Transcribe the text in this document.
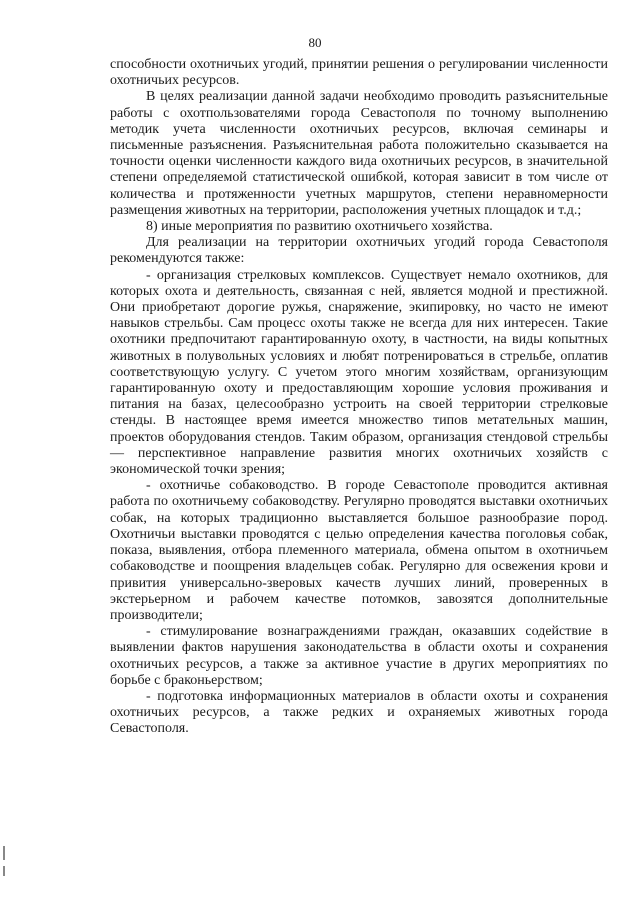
80

способности охотничьих угодий, принятии решения о регулировании численности охотничьих ресурсов.

В целях реализации данной задачи необходимо проводить разъяснительные работы с охотпользователями города Севастополя по точному выполнению методик учета численности охотничьих ресурсов, включая семинары и письменные разъяснения. Разъяснительная работа положительно сказывается на точности оценки численности каждого вида охотничьих ресурсов, в значительной степени определяемой статистической ошибкой, которая зависит в том числе от количества и протяженности учетных маршрутов, степени неравномерности размещения животных на территории, расположения учетных площадок и т.д.;

8) иные мероприятия по развитию охотничьего хозяйства.

Для реализации на территории охотничьих угодий города Севастополя рекомендуются также:

- организация стрелковых комплексов. Существует немало охотников, для которых охота и деятельность, связанная с ней, является модной и престижной. Они приобретают дорогие ружья, снаряжение, экипировку, но часто не имеют навыков стрельбы. Сам процесс охоты также не всегда для них интересен. Такие охотники предпочитают гарантированную охоту, в частности, на виды копытных животных в полувольных условиях и любят потренироваться в стрельбе, оплатив соответствующую услугу. С учетом этого многим хозяйствам, организующим гарантированную охоту и предоставляющим хорошие условия проживания и питания на базах, целесообразно устроить на своей территории стрелковые стенды. В настоящее время имеется множество типов метательных машин, проектов оборудования стендов. Таким образом, организация стендовой стрельбы — перспективное направление развития многих охотничьих хозяйств с экономической точки зрения;

- охотничье собаководство. В городе Севастополе проводится активная работа по охотничьему собаководству. Регулярно проводятся выставки охотничьих собак, на которых традиционно выставляется большое разнообразие пород. Охотничьи выставки проводятся с целью определения качества поголовья собак, показа, выявления, отбора племенного материала, обмена опытом в охотничьем собаководстве и поощрения владельцев собак. Регулярно для освежения крови и привития универсально-зверовых качеств лучших линий, проверенных в экстерьерном и рабочем качестве потомков, завозятся дополнительные производители;

- стимулирование вознаграждениями граждан, оказавших содействие в выявлении фактов нарушения законодательства в области охоты и сохранения охотничьих ресурсов, а также за активное участие в других мероприятиях по борьбе с браконьерством;

- подготовка информационных материалов в области охоты и сохранения охотничьих ресурсов, а также редких и охраняемых животных города Севастополя.
